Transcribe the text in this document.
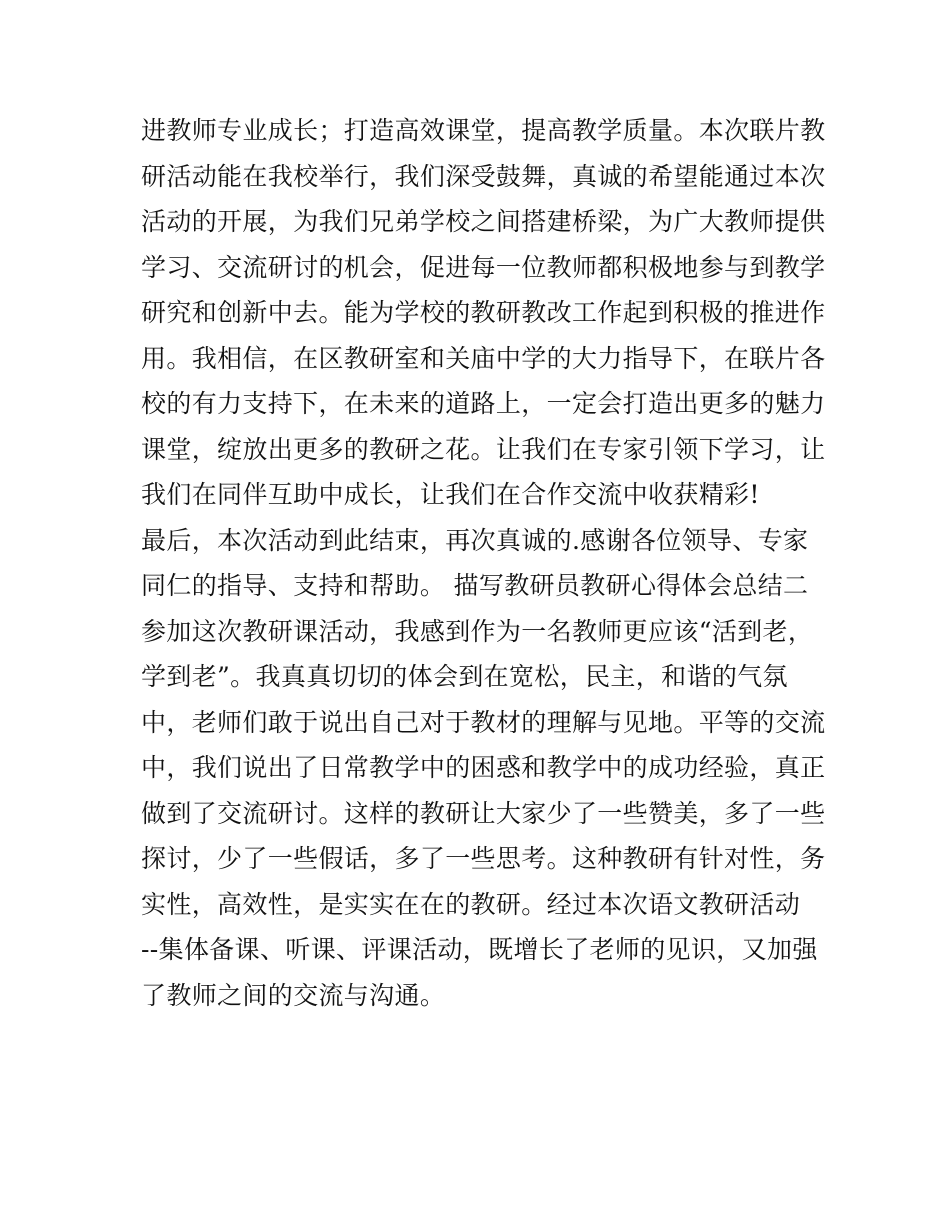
进教师专业成长；打造高效课堂，提高教学质量。本次联片教
研活动能在我校举行，我们深受鼓舞，真诚的希望能通过本次
活动的开展，为我们兄弟学校之间搭建桥梁，为广大教师提供
学习、交流研讨的机会，促进每一位教师都积极地参与到教学
研究和创新中去。能为学校的教研教改工作起到积极的推进作
用。我相信，在区教研室和关庙中学的大力指导下，在联片各
校的有力支持下，在未来的道路上，一定会打造出更多的魅力
课堂，绽放出更多的教研之花。让我们在专家引领下学习，让
我们在同伴互助中成长，让我们在合作交流中收获精彩!
最后，本次活动到此结束，再次真诚的.感谢各位领导、专家
同仁的指导、支持和帮助。 描写教研员教研心得体会总结二
参加这次教研课活动，我感到作为一名教师更应该“活到老，
学到老”。我真真切切的体会到在宽松，民主，和谐的气氛
中，老师们敢于说出自己对于教材的理解与见地。平等的交流
中，我们说出了日常教学中的困惑和教学中的成功经验，真正
做到了交流研讨。这样的教研让大家少了一些赞美，多了一些
探讨，少了一些假话，多了一些思考。这种教研有针对性，务
实性，高效性，是实实在在的教研。经过本次语文教研活动
--集体备课、听课、评课活动，既增长了老师的见识，又加强
了教师之间的交流与沟通。
